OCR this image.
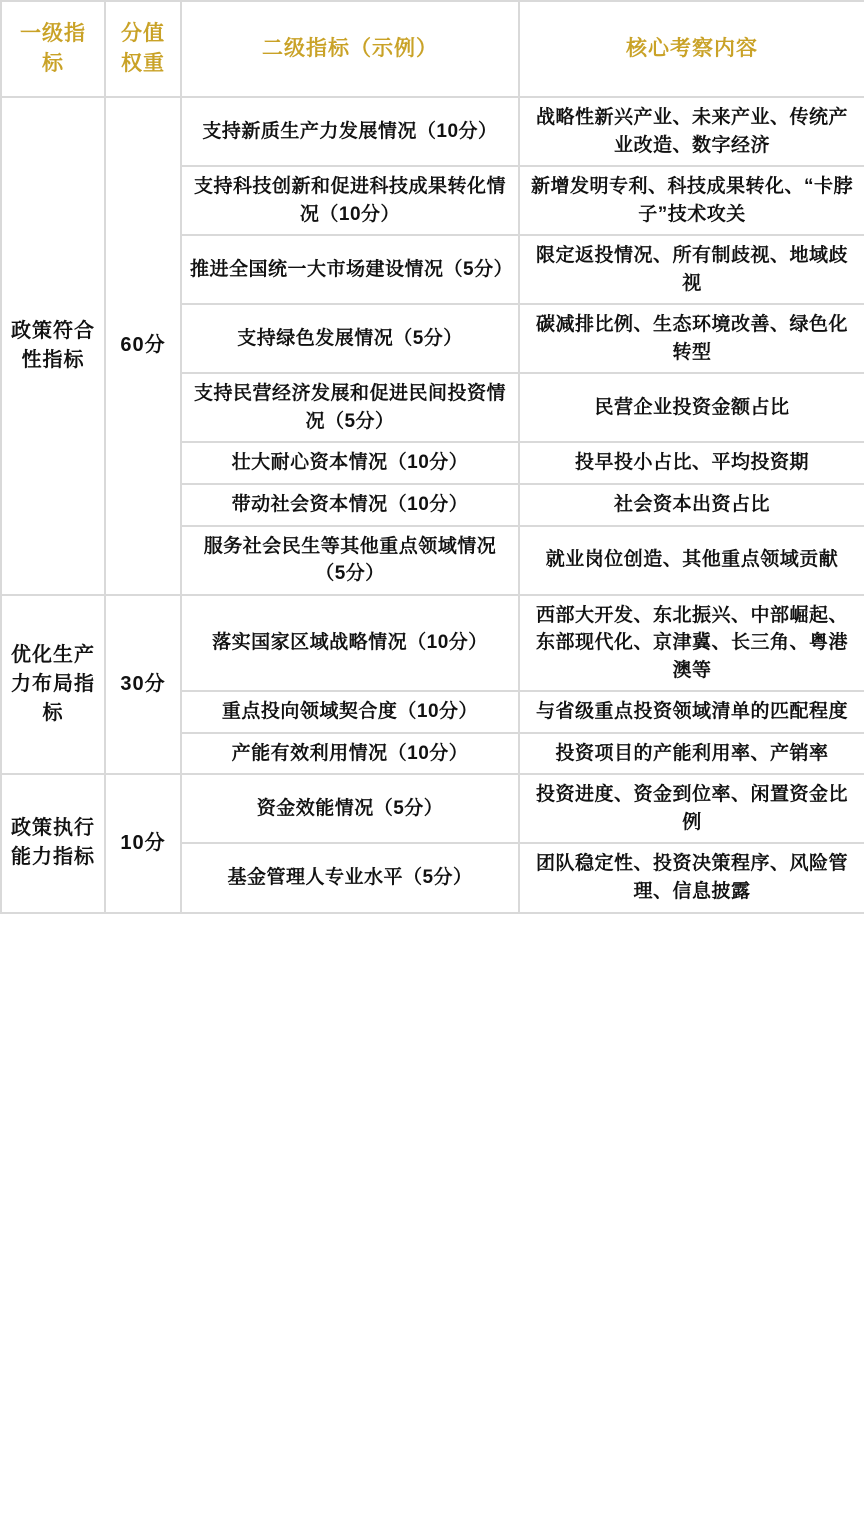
一级指标	分值权重	二级指标（示例）	核心考察内容
政策符合性指标	60分	支持新质生产力发展情况（10分）	战略性新兴产业、未来产业、传统产业改造、数字经济
		支持科技创新和促进科技成果转化情况（10分）	新增发明专利、科技成果转化、“卡脖子”技术攻关
		推进全国统一大市场建设情况（5分）	限定返投情况、所有制歧视、地域歧视
		支持绿色发展情况（5分）	碳减排比例、生态环境改善、绿色化转型
		支持民营经济发展和促进民间投资情况（5分）	民营企业投资金额占比
		壮大耐心资本情况（10分）	投早投小占比、平均投资期
		带动社会资本情况（10分）	社会资本出资占比
		服务社会民生等其他重点领域情况（5分）	就业岗位创造、其他重点领域贡献
优化生产力布局指标	30分	落实国家区域战略情况（10分）	西部大开发、东北振兴、中部崛起、东部现代化、京津冀、长三角、粤港澳等
		重点投向领域契合度（10分）	与省级重点投资领域清单的匹配程度
		产能有效利用情况（10分）	投资项目的产能利用率、产销率
政策执行能力指标	10分	资金效能情况（5分）	投资进度、资金到位率、闲置资金比例
		基金管理人专业水平（5分）	团队稳定性、投资决策程序、风险管理、信息披露
